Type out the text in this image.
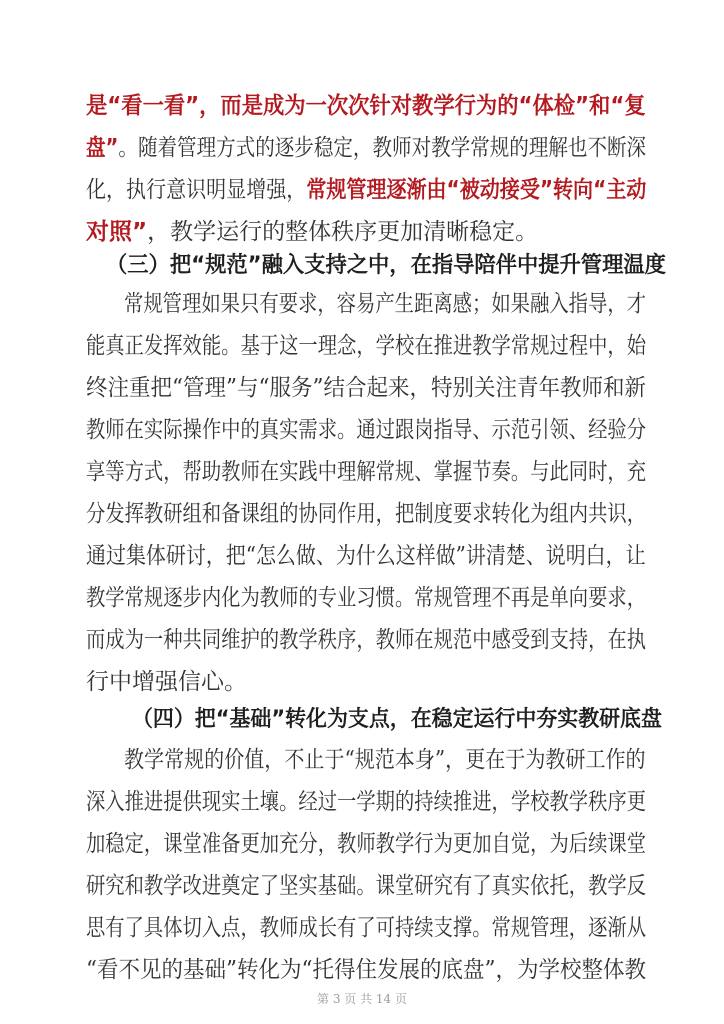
是“看一看”，而是成为一次次针对教学行为的“体检”和“复
盘”。随着管理方式的逐步稳定，教师对教学常规的理解也不断深
化，执行意识明显增强，常规管理逐渐由“被动接受”转向“主动
对照”，教学运行的整体秩序更加清晰稳定。
（三）把“规范”融入支持之中，在指导陪伴中提升管理温度
常规管理如果只有要求，容易产生距离感；如果融入指导，才
能真正发挥效能。基于这一理念，学校在推进教学常规过程中，始
终注重把“管理”与“服务”结合起来，特别关注青年教师和新
教师在实际操作中的真实需求。通过跟岗指导、示范引领、经验分
享等方式，帮助教师在实践中理解常规、掌握节奏。与此同时，充
分发挥教研组和备课组的协同作用，把制度要求转化为组内共识，
通过集体研讨，把“怎么做、为什么这样做”讲清楚、说明白，让
教学常规逐步内化为教师的专业习惯。常规管理不再是单向要求，
而成为一种共同维护的教学秩序，教师在规范中感受到支持，在执
行中增强信心。
（四）把“基础”转化为支点，在稳定运行中夯实教研底盘
教学常规的价值，不止于“规范本身”，更在于为教研工作的
深入推进提供现实土壤。经过一学期的持续推进，学校教学秩序更
加稳定，课堂准备更加充分，教师教学行为更加自觉，为后续课堂
研究和教学改进奠定了坚实基础。课堂研究有了真实依托，教学反
思有了具体切入点，教师成长有了可持续支撑。常规管理，逐渐从
“看不见的基础”转化为“托得住发展的底盘”，为学校整体教
第 3 页 共 14 页
